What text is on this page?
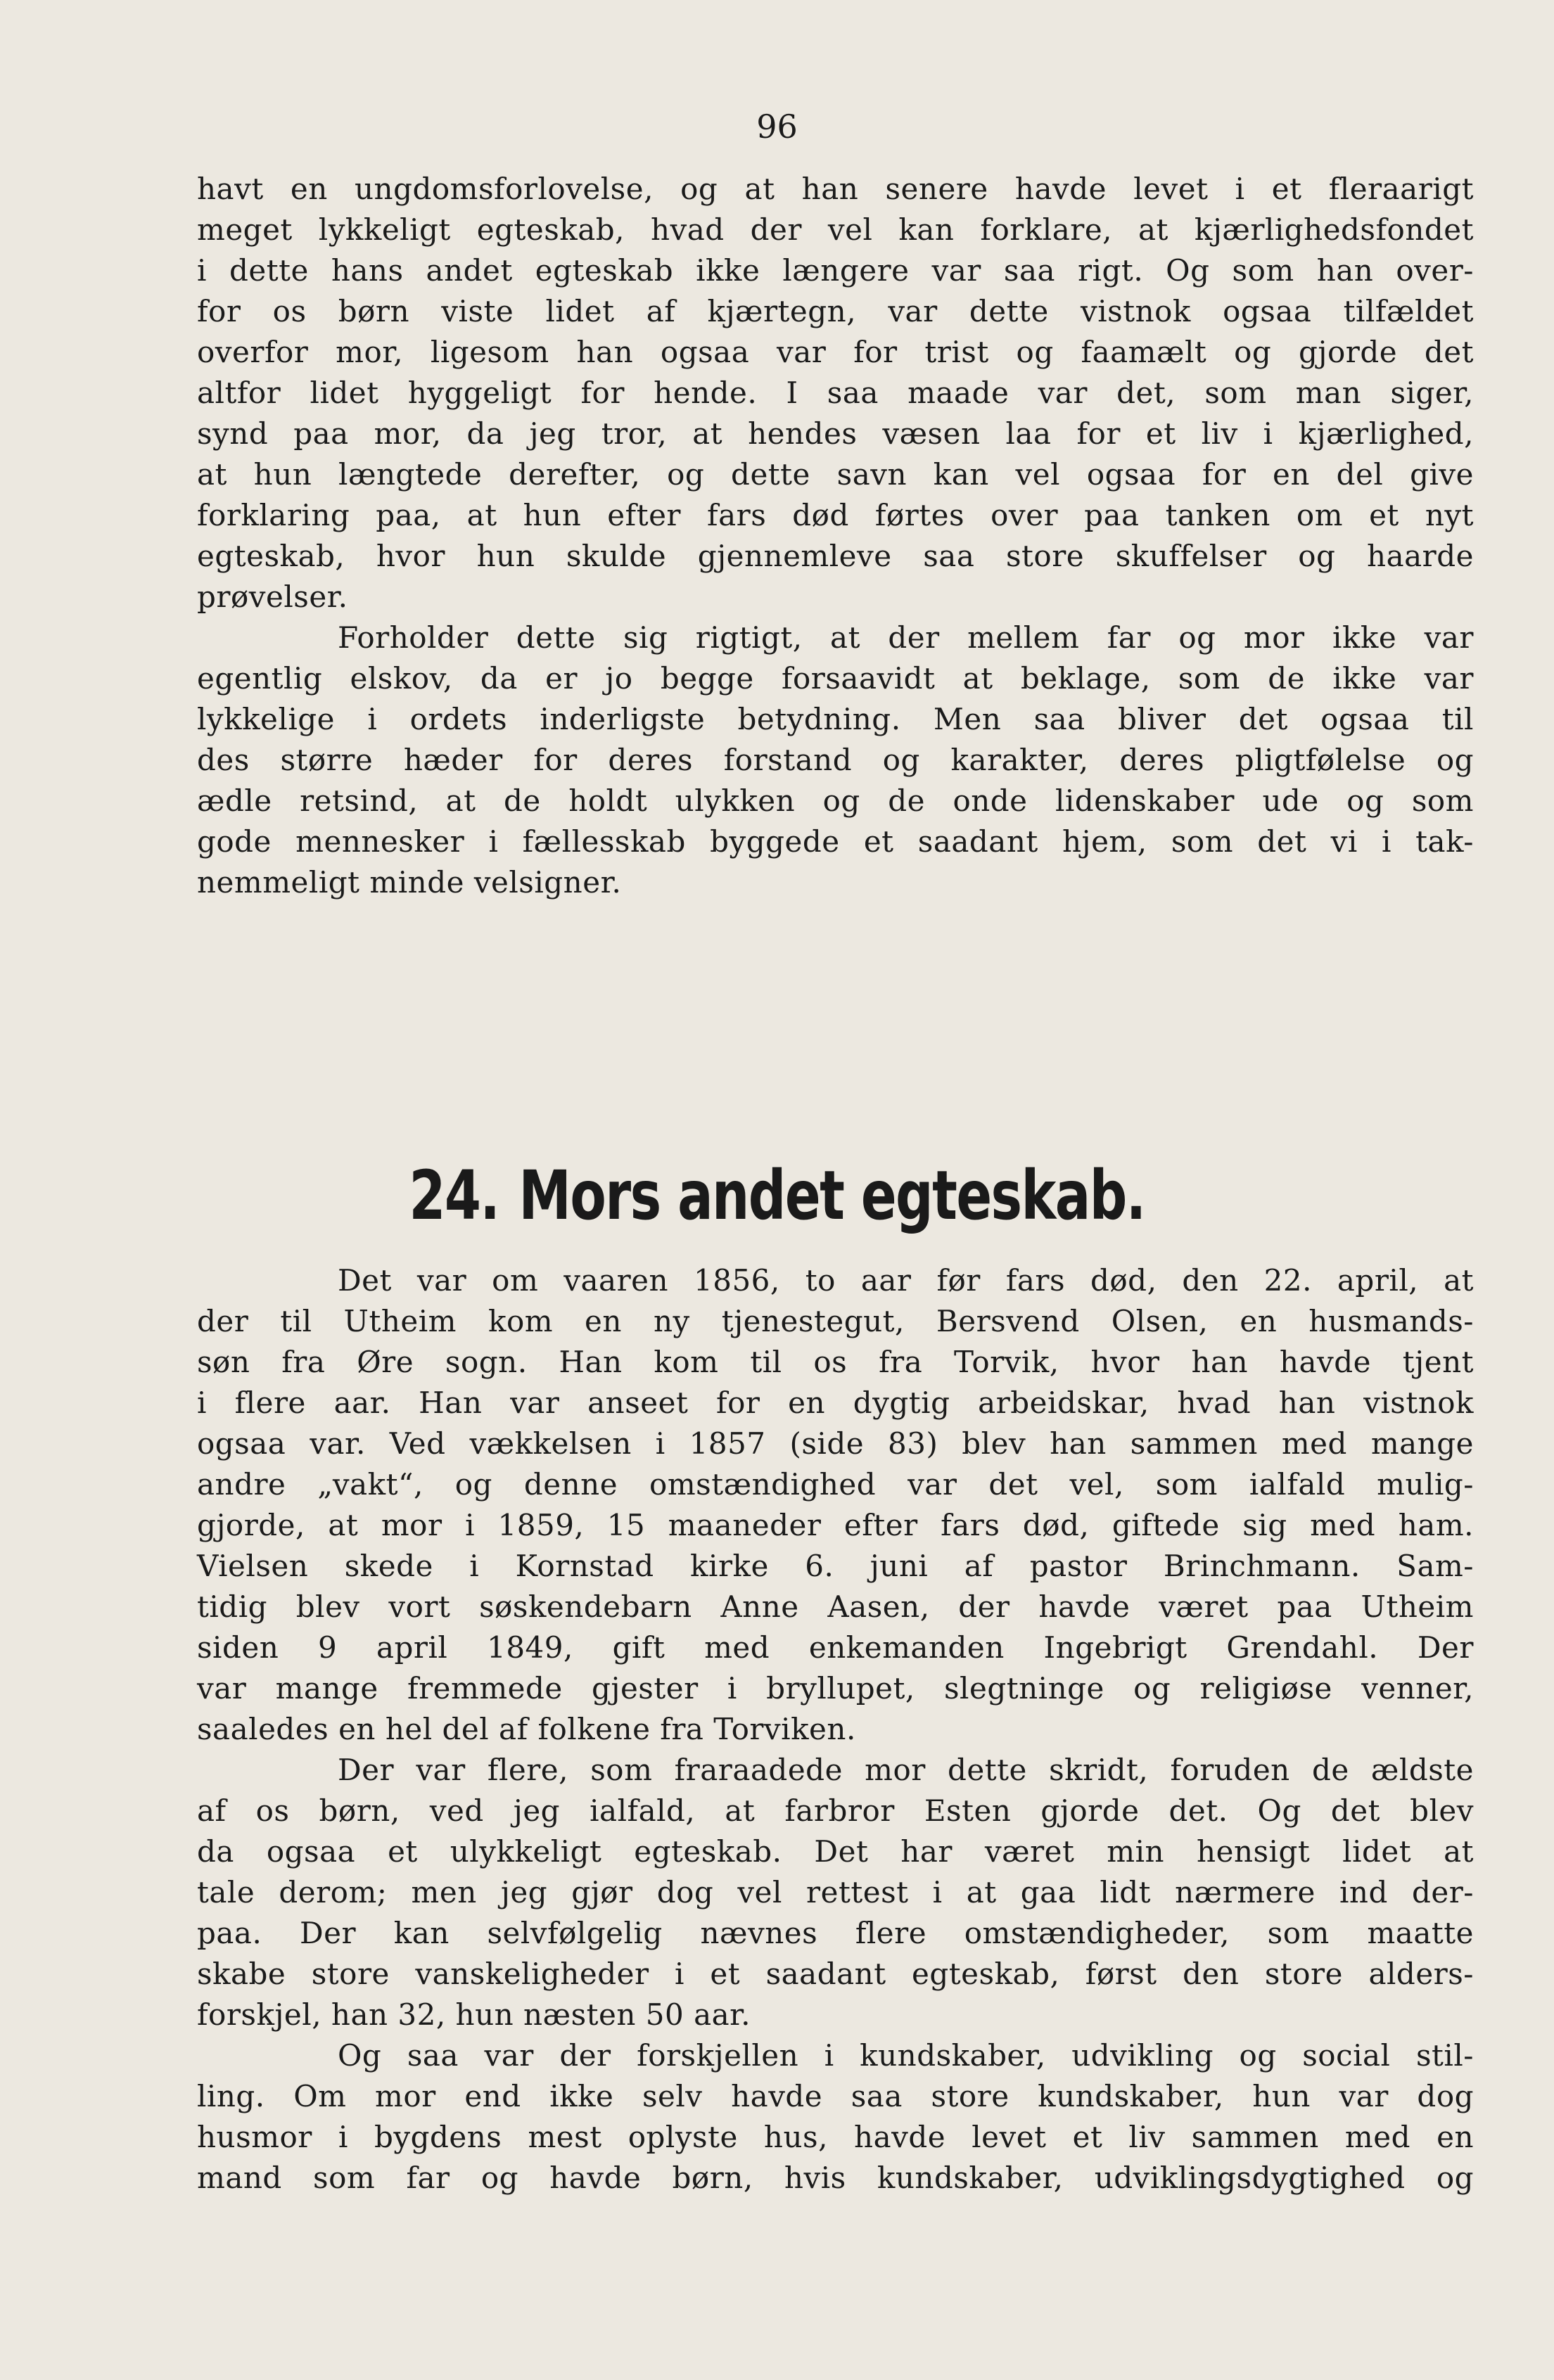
96
havt en ungdomsforlovelse, og at han senere havde levet i et fleraarigt
meget lykkeligt egteskab, hvad der vel kan forklare, at kjærlighedsfondet
i dette hans andet egteskab ikke længere var saa rigt. Og som han over-
for os børn viste lidet af kjærtegn, var dette vistnok ogsaa tilfældet
overfor mor, ligesom han ogsaa var for trist og faamælt og gjorde det
altfor lidet hyggeligt for hende. I saa maade var det, som man siger,
synd paa mor, da jeg tror, at hendes væsen laa for et liv i kjærlighed,
at hun længtede derefter, og dette savn kan vel ogsaa for en del give
forklaring paa, at hun efter fars død førtes over paa tanken om et nyt
egteskab, hvor hun skulde gjennemleve saa store skuffelser og haarde
prøvelser.
Forholder dette sig rigtigt, at der mellem far og mor ikke var
egentlig elskov, da er jo begge forsaavidt at beklage, som de ikke var
lykkelige i ordets inderligste betydning. Men saa bliver det ogsaa til
des større hæder for deres forstand og karakter, deres pligtfølelse og
ædle retsind, at de holdt ulykken og de onde lidenskaber ude og som
gode mennesker i fællesskab byggede et saadant hjem, som det vi i tak-
nemmeligt minde velsigner.
24. Mors andet egteskab.
Det var om vaaren 1856, to aar før fars død, den 22. april, at
der til Utheim kom en ny tjenestegut, Bersvend Olsen, en husmands-
søn fra Øre sogn. Han kom til os fra Torvik, hvor han havde tjent
i flere aar. Han var anseet for en dygtig arbeidskar, hvad han vistnok
ogsaa var. Ved vækkelsen i 1857 (side 83) blev han sammen med mange
andre „vakt“, og denne omstændighed var det vel, som ialfald mulig-
gjorde, at mor i 1859, 15 maaneder efter fars død, giftede sig med ham.
Vielsen skede i Kornstad kirke 6. juni af pastor Brinchmann. Sam-
tidig blev vort søskendebarn Anne Aasen, der havde været paa Utheim
siden 9 april 1849, gift med enkemanden Ingebrigt Grendahl. Der
var mange fremmede gjester i bryllupet, slegtninge og religiøse venner,
saaledes en hel del af folkene fra Torviken.
Der var flere, som fraraadede mor dette skridt, foruden de ældste
af os børn, ved jeg ialfald, at farbror Esten gjorde det. Og det blev
da ogsaa et ulykkeligt egteskab. Det har været min hensigt lidet at
tale derom; men jeg gjør dog vel rettest i at gaa lidt nærmere ind der-
paa. Der kan selvfølgelig nævnes flere omstændigheder, som maatte
skabe store vanskeligheder i et saadant egteskab, først den store alders-
forskjel, han 32, hun næsten 50 aar.
Og saa var der forskjellen i kundskaber, udvikling og social stil-
ling. Om mor end ikke selv havde saa store kundskaber, hun var dog
husmor i bygdens mest oplyste hus, havde levet et liv sammen med en
mand som far og havde børn, hvis kundskaber, udviklingsdygtighed og
